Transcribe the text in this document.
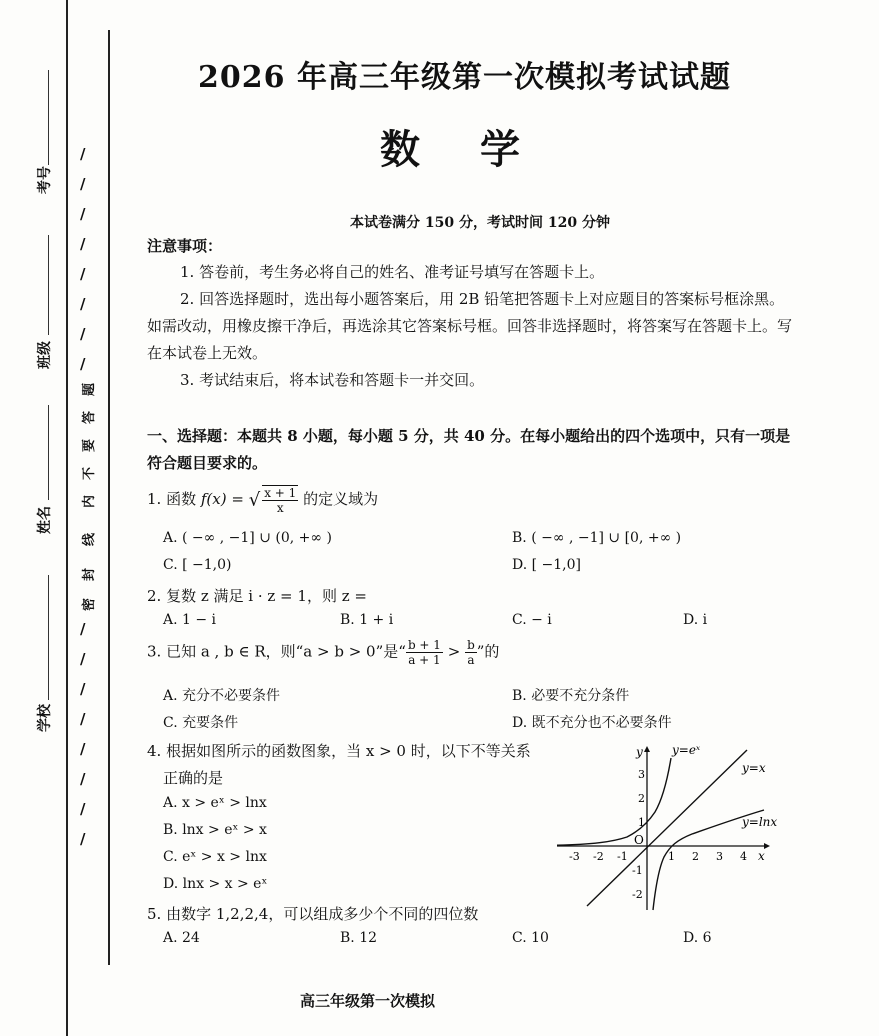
考号
班级
姓名
学校
/
/
/
/
/
/
/
/
/
/
/
/
/
/
/
/
题
答
要
不
内
线
封
密
2026 年高三年级第一次模拟考试试题
数学
本试卷满分 150 分，考试时间 120 分钟
注意事项：
1. 答卷前，考生务必将自己的姓名、准考证号填写在答题卡上。
2. 回答选择题时，选出每小题答案后，用 2B 铅笔把答题卡上对应题目的答案标号框涂黑。如需改动，用橡皮擦干净后，再选涂其它答案标号框。回答非选择题时，将答案写在答题卡上。写在本试卷上无效。
3. 考试结束后，将本试卷和答题卡一并交回。
一、选择题：本题共 8 小题，每小题 5 分，共 40 分。在每小题给出的四个选项中，只有一项是符合题目要求的。
1. 函数 f(x) = √ $\frac{x + 1}{x}$ 的定义域为
A. ( −∞ , −1] ∪ (0, +∞ )	B. ( −∞ , −1] ∪ [0, +∞ )
C. [ −1,0)	D. [ −1,0]
2. 复数 z 满足 i · z = 1，则 z =
A. 1 − i	B. 1 + i	C. − i	D. i
3. 已知 a , b ∈ R，则“a > b > 0”是“ $\frac{b + 1}{a + 1} > \frac{b}{a}$ ”的
A. 充分不必要条件	B. 必要不充分条件
C. 充要条件	D. 既不充分也不必要条件
4. 根据如图所示的函数图象，当 x > 0 时，以下不等关系
正确的是
A. x > eˣ > lnx
B. lnx > eˣ > x
C. eˣ > x > lnx
D. lnx > x > eˣ
y
x
O
-3 -2 -1	1 2 3 4
3
2
1
-1
-2
y=eˣ
y=x
y=lnx
5. 由数字 1,2,2,4，可以组成多少个不同的四位数
A. 24	B. 12	C. 10	D. 6
高三年级第一次模拟
